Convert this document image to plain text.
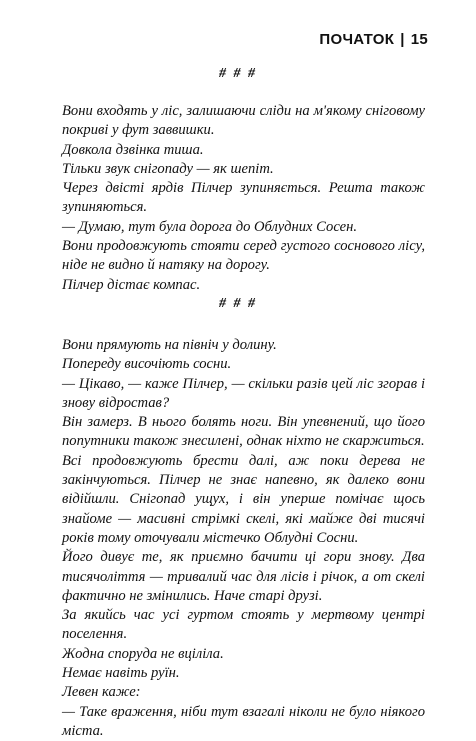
ПОЧАТОК | 15
# # #

Вони входять у ліс, залишаючи сліди на м'якому сніговому покриві у фут заввишки.

Довкола дзвінка тиша.

Тільки звук снігопаду — як шепіт.

Через двісті ярдів Пілчер зупиняється. Решта також зупиняються.

— Думаю, тут була дорога до Облудних Сосен.

Вони продовжують стояти серед густого соснового лісу, ніде не видно й натяку на дорогу.

Пілчер дістає компас.

# # #

Вони прямують на північ у долину.

Попереду височіють сосни.

— Цікаво, — каже Пілчер, — скільки разів цей ліс згорав і знову відростав?

Він замерз. В нього болять ноги. Він упевнений, що його попутники також знесилені, однак ніхто не скаржиться.

Всі продовжують брести далі, аж поки дерева не закінчуються. Пілчер не знає напевно, як далеко вони відійшли. Снігопад ущух, і він уперше помічає щось знайоме — масивні стрімкі скелі, які майже дві тисячі років тому оточували містечко Облудні Сосни.

Його дивує те, як приємно бачити ці гори знову. Два тисячоліття — тривалий час для лісів і річок, а от скелі фактично не змінились. Наче старі друзі.

За якийсь час усі гуртом стоять у мертвому центрі поселення.

Жодна споруда не вціліла.

Немає навіть руїн.

Левен каже:

— Таке враження, ніби тут взагалі ніколи не було ніякого міста.
